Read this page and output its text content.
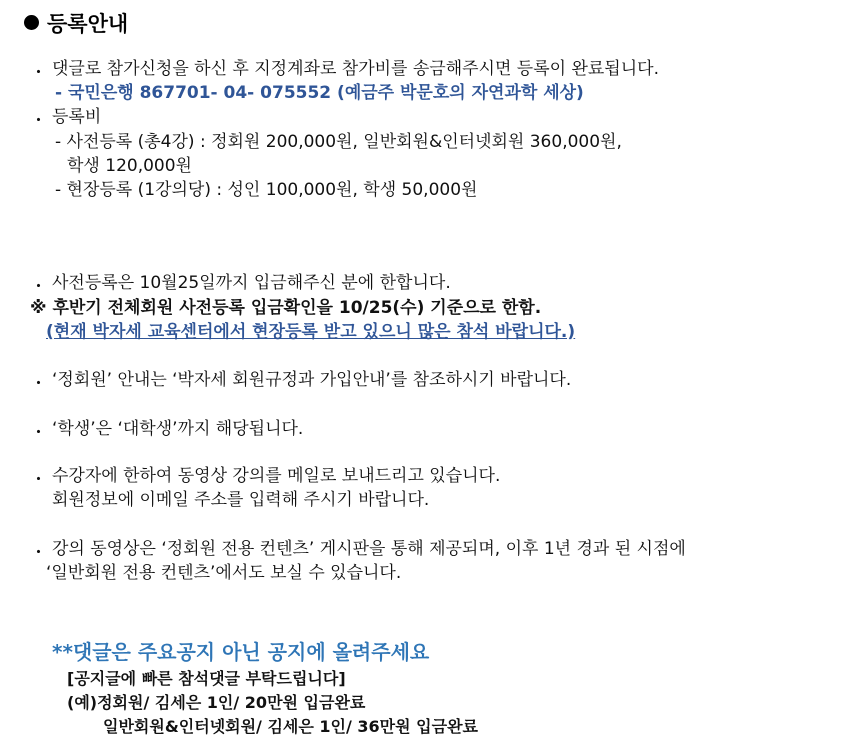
등록안내
・
・
・
・
・
・
・
댓글로 참가신청을 하신 후 지정계좌로 참가비를 송금해주시면 등록이 완료됩니다.
- 국민은행 867701- 04- 075552 (예금주 박문호의 자연과학 세상)
등록비
- 사전등록 (총4강) : 정회원 200,000원, 일반회원&인터넷회원 360,000원,
학생 120,000원
- 현장등록 (1강의당) : 성인 100,000원, 학생 50,000원
사전등록은 10월25일까지 입금해주신 분에 한합니다.
※ 후반기 전체회원 사전등록 입금확인을 10/25(수) 기준으로 한함.
(현재 박자세 교육센터에서 현장등록 받고 있으니 많은 참석 바랍니다.)
‘정회원’ 안내는 ‘박자세 회원규정과 가입안내’를 참조하시기 바랍니다.
‘학생’은 ‘대학생’까지 해당됩니다.
수강자에 한하여 동영상 강의를 메일로 보내드리고 있습니다.
회원정보에 이메일 주소를 입력해 주시기 바랍니다.
강의 동영상은 ‘정회원 전용 컨텐츠’ 게시판을 통해 제공되며, 이후 1년 경과 된 시점에
‘일반회원 전용 컨텐츠’에서도 보실 수 있습니다.
**댓글은 주요공지 아닌 공지에 올려주세요
[공지글에 빠른 참석댓글 부탁드립니다]
(예)정회원/ 김세은 1인/ 20만원 입금완료
일반회원&인터넷회원/ 김세은 1인/ 36만원 입금완료
